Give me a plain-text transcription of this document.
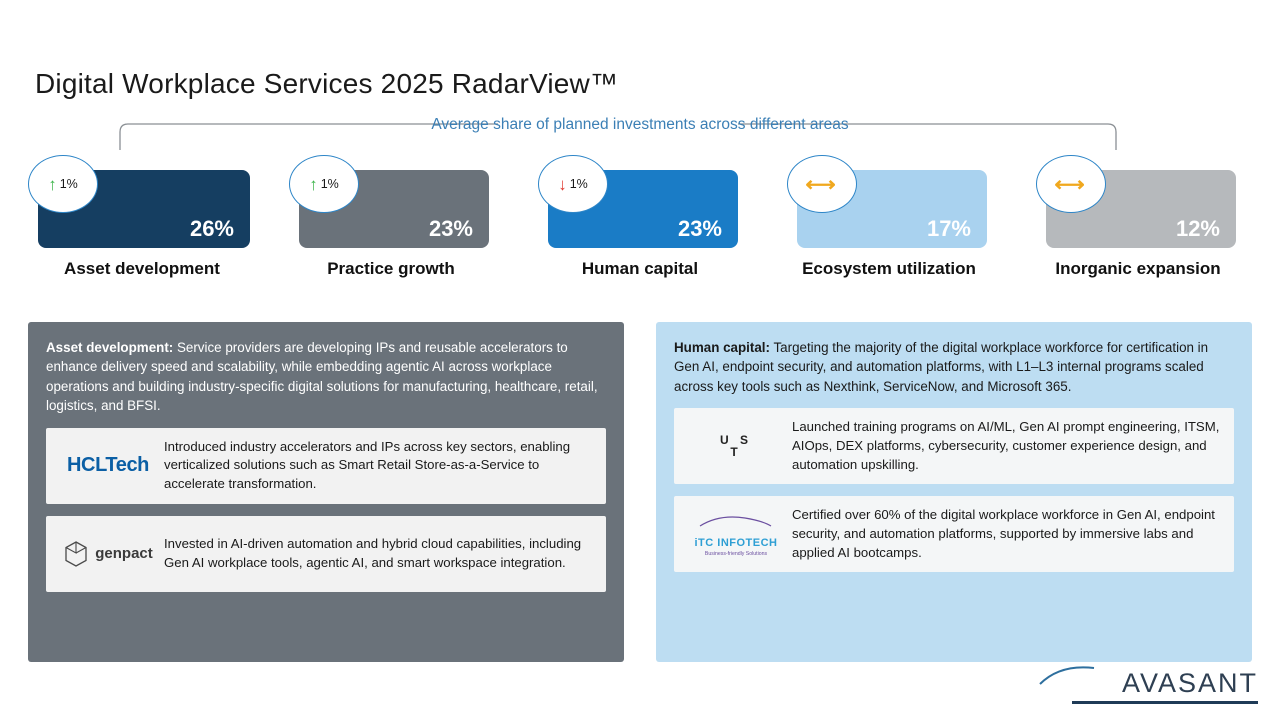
Digital Workplace Services 2025 RadarView™
Average share of planned investments across different areas
26%
↑ 1%
Asset development
23%
↑ 1%
Practice growth
23%
↓ 1%
Human capital
17%
⟷
Ecosystem utilization
12%
⟷
Inorganic expansion
Asset development: Service providers are developing IPs and reusable accelerators to enhance delivery speed and scalability, while embedding agentic AI across workplace operations and building industry-specific digital solutions for manufacturing, healthcare, retail, logistics, and BFSI.
HCLTech
Introduced industry accelerators and IPs across key sectors, enabling verticalized solutions such as Smart Retail Store-as-a-Service to accelerate transformation.
genpact
Invested in AI-driven automation and hybrid cloud capabilities, including Gen AI workplace tools, agentic AI, and smart workspace integration.
Human capital: Targeting the majority of the digital workplace workforce for certification in Gen AI, endpoint security, and automation platforms, with L1–L3 internal programs scaled across key tools such as Nexthink, ServiceNow, and Microsoft 365.
U S
T
Launched training programs on AI/ML, Gen AI prompt engineering, ITSM, AIOps, DEX platforms, cybersecurity, customer experience design, and automation upskilling.
iTC INFOTECH
Business-friendly Solutions
Certified over 60% of the digital workplace workforce in Gen AI, endpoint security, and automation platforms, supported by immersive labs and applied AI bootcamps.
AVASANT
